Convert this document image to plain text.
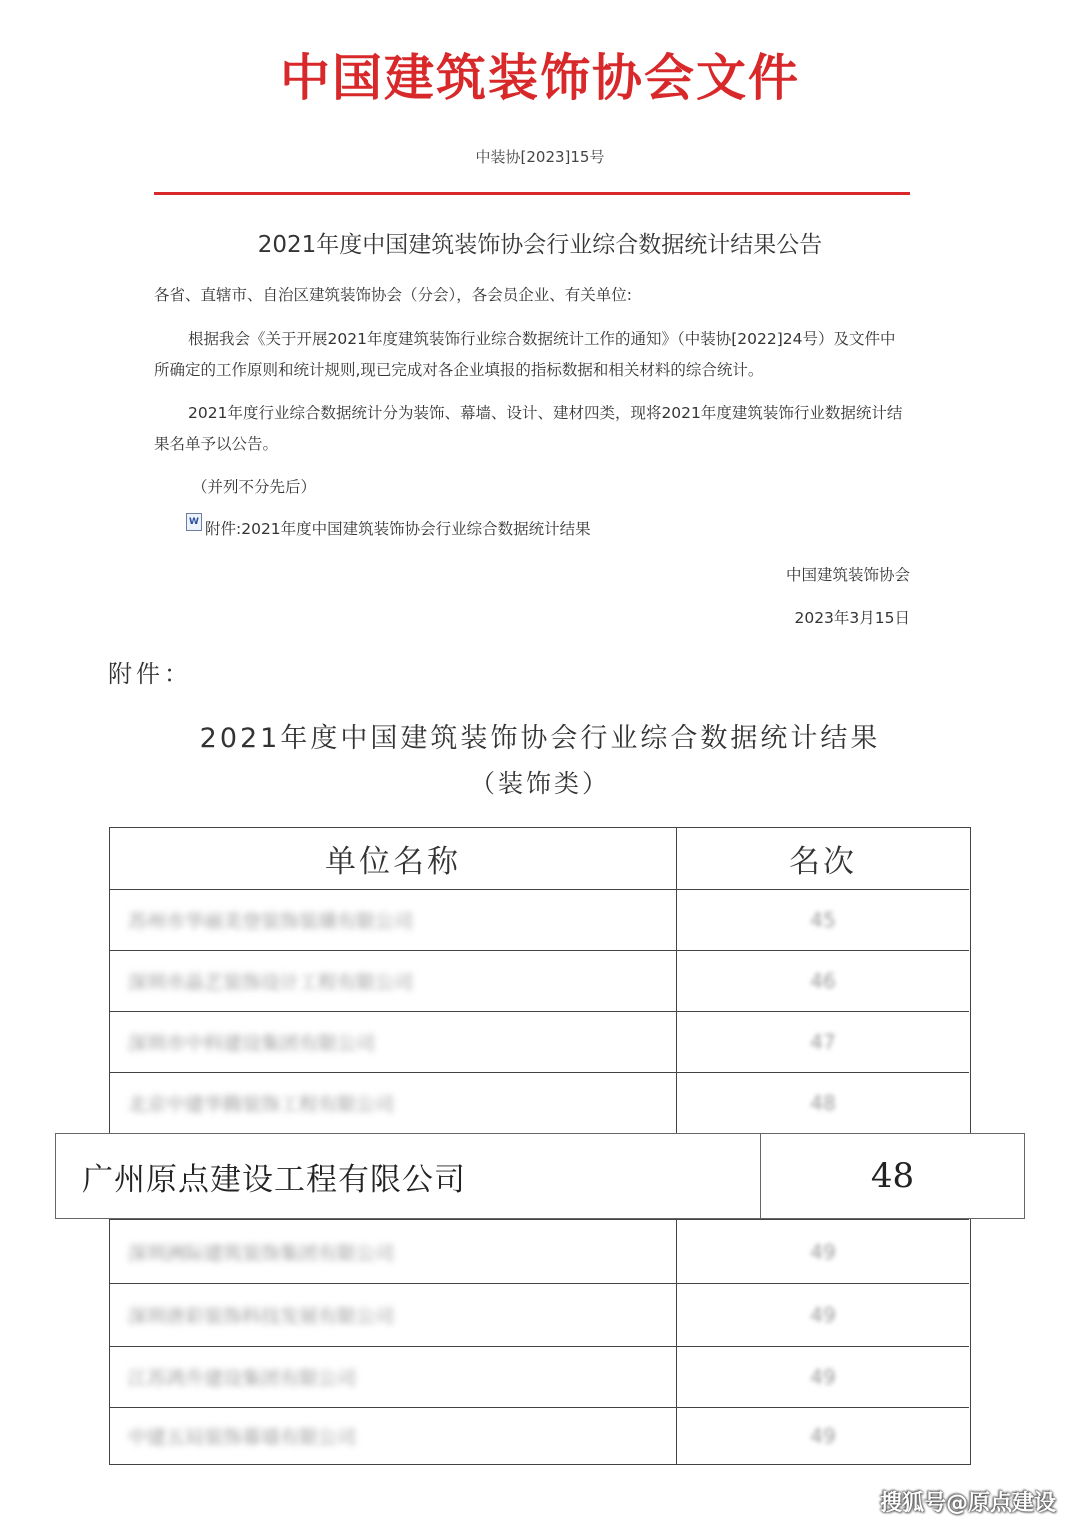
中国建筑装饰协会文件
中装协[2023]15号
2021年度中国建筑装饰协会行业综合数据统计结果公告
各省、直辖市、自治区建筑装饰协会（分会），各会员企业、有关单位:
根据我会《关于开展2021年度建筑装饰行业综合数据统计工作的通知》（中装协[2022]24号）及文件中所确定的工作原则和统计规则,现已完成对各企业填报的指标数据和相关材料的综合统计。
2021年度行业综合数据统计分为装饰、幕墙、设计、建材四类，现将2021年度建筑装饰行业数据统计结果名单予以公告。
（并列不分先后）
W 附件:2021年度中国建筑装饰协会行业综合数据统计结果
中国建筑装饰协会
2023年3月15日
附件：
2021年度中国建筑装饰协会行业综合数据统计结果
（装饰类）
单位名称	名次
苏州市华丽美登装饰装璜有限公司	45
深圳市晶艺装饰设计工程有限公司	46
深圳市中科建设集团有限公司	47
北京中建华腾装饰工程有限公司	48
深圳洲际建筑装饰集团有限公司	49
深圳唐彩装饰科技发展有限公司	49
江苏鸿升建设集团有限公司	49
中建五局装饰幕墙有限公司	49
广州原点建设工程有限公司	48
搜狐号@原点建设
